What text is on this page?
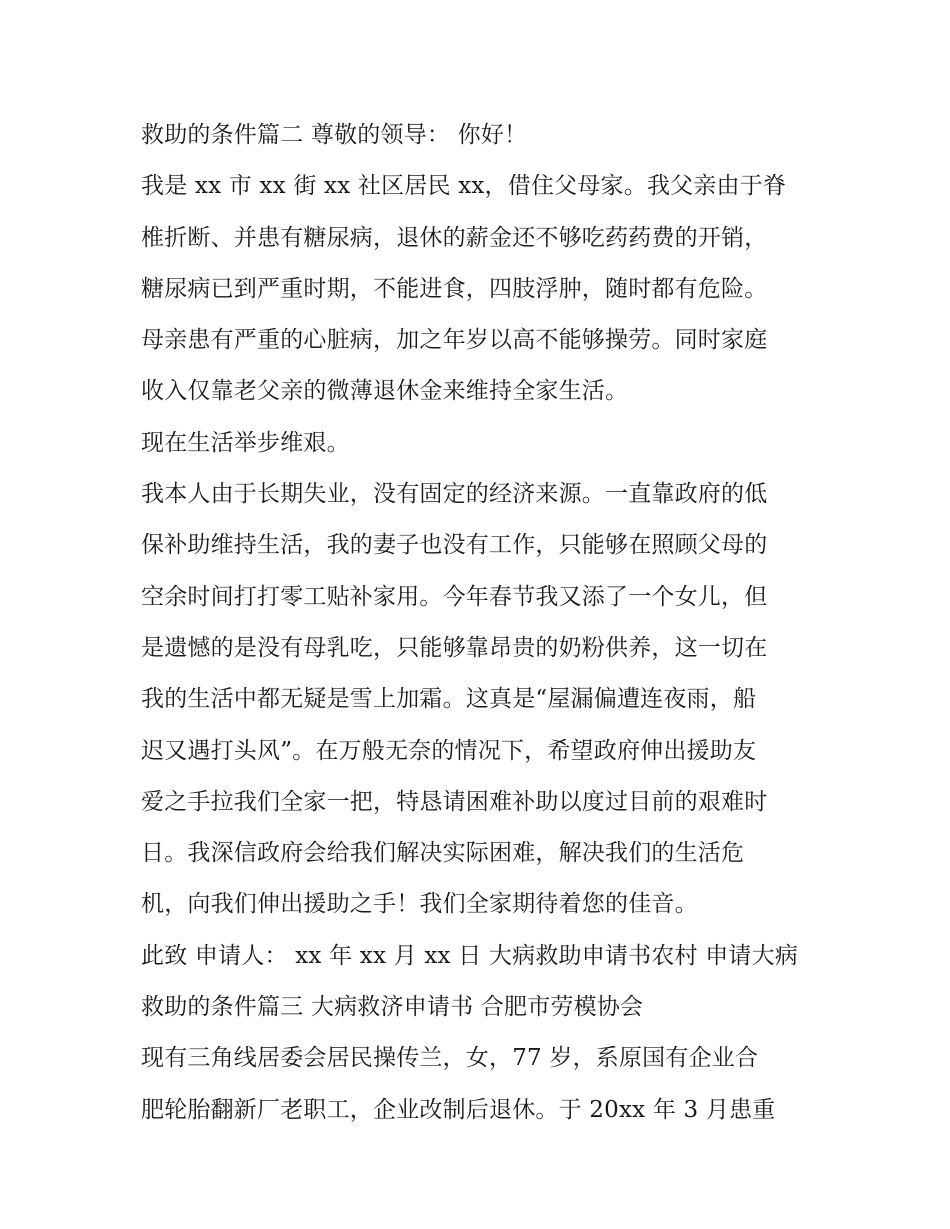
救助的条件篇二 尊敬的领导： 你好！
我是 xx 市 xx 街 xx 社区居民 xx，借住父母家。我父亲由于脊
椎折断、并患有糖尿病，退休的薪金还不够吃药药费的开销，
糖尿病已到严重时期，不能进食，四肢浮肿，随时都有危险。
母亲患有严重的心脏病，加之年岁以高不能够操劳。同时家庭
收入仅靠老父亲的微薄退休金来维持全家生活。
现在生活举步维艰。
我本人由于长期失业，没有固定的经济来源。一直靠政府的低
保补助维持生活，我的妻子也没有工作，只能够在照顾父母的
空余时间打打零工贴补家用。今年春节我又添了一个女儿，但
是遗憾的是没有母乳吃，只能够靠昂贵的奶粉供养，这一切在
我的生活中都无疑是雪上加霜。这真是“屋漏偏遭连夜雨，船
迟又遇打头风”。在万般无奈的情况下，希望政府伸出援助友
爱之手拉我们全家一把，特恳请困难补助以度过目前的艰难时
日。我深信政府会给我们解决实际困难，解决我们的生活危
机，向我们伸出援助之手！我们全家期待着您的佳音。
此致 申请人： xx 年 xx 月 xx 日 大病救助申请书农村 申请大病
救助的条件篇三 大病救济申请书 合肥市劳模协会
现有三角线居委会居民操传兰，女，77 岁，系原国有企业合
肥轮胎翻新厂老职工，企业改制后退休。于 20xx 年 3 月患重
